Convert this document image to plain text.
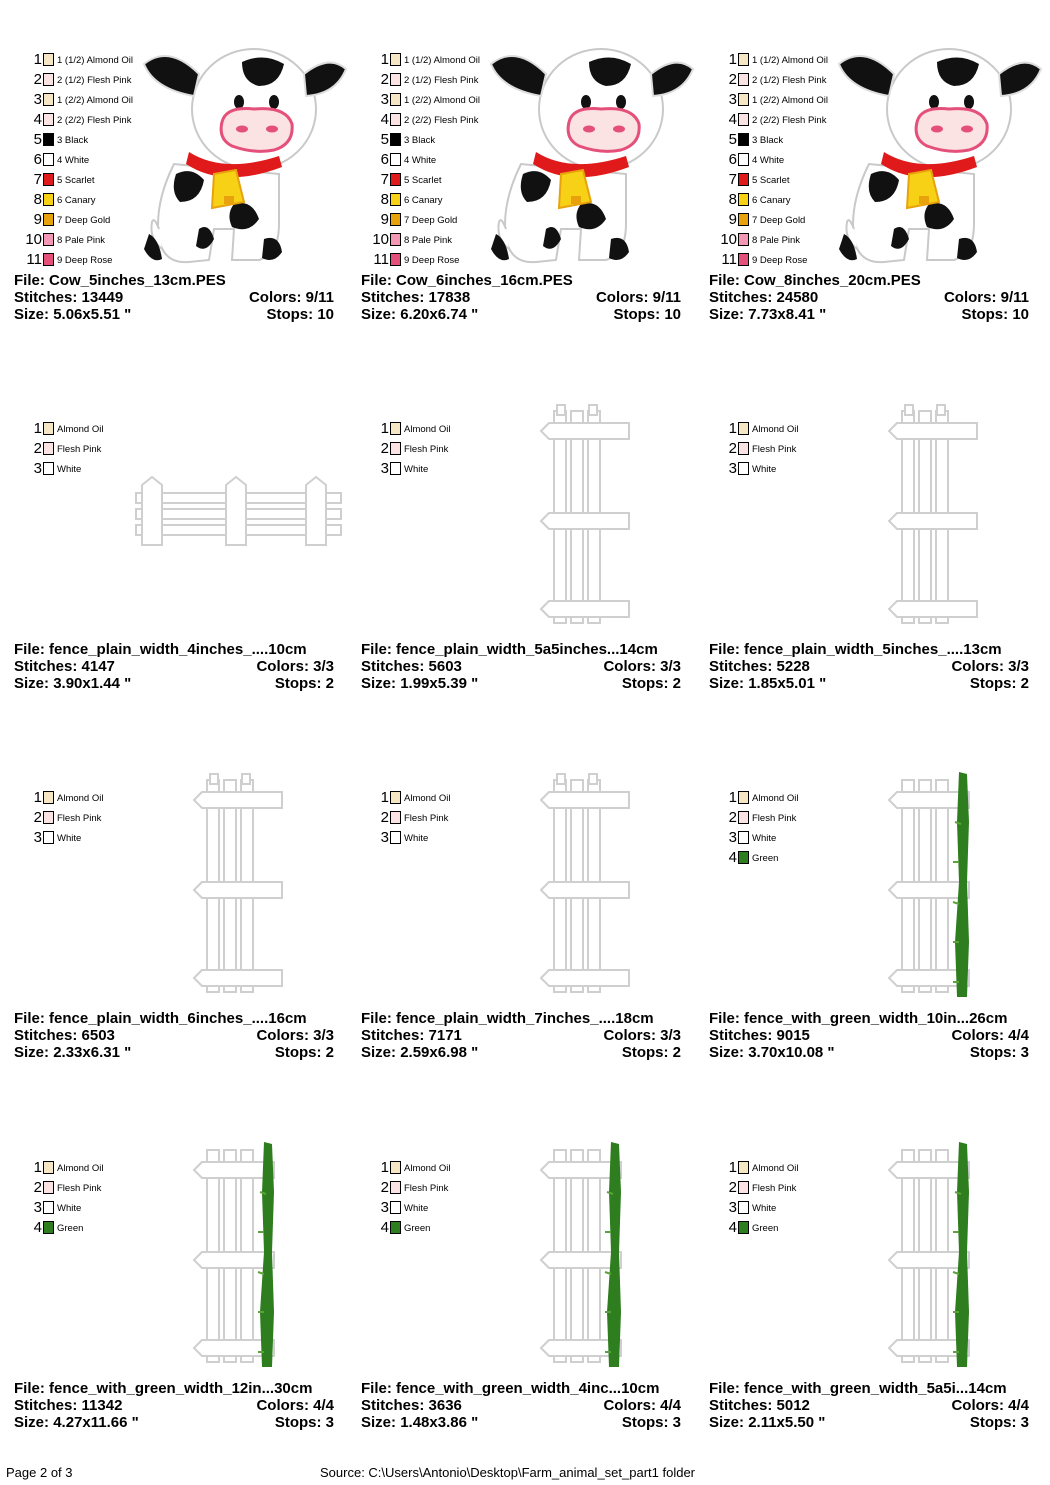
1 1 (1/2) Almond Oil
2 2 (1/2) Flesh Pink
3 1 (2/2) Almond Oil
4 2 (2/2) Flesh Pink
5 3 Black
6 4 White
7 5 Scarlet
8 6 Canary
9 7 Deep Gold
10 8 Pale Pink
11 9 Deep Rose
File: Cow_5inches_13cm.PES
Stitches: 13449	Colors: 9/11
Size: 5.06x5.51 "	Stops: 10
1 1 (1/2) Almond Oil
2 2 (1/2) Flesh Pink
3 1 (2/2) Almond Oil
4 2 (2/2) Flesh Pink
5 3 Black
6 4 White
7 5 Scarlet
8 6 Canary
9 7 Deep Gold
10 8 Pale Pink
11 9 Deep Rose
File: Cow_6inches_16cm.PES
Stitches: 17838	Colors: 9/11
Size: 6.20x6.74 "	Stops: 10
1 1 (1/2) Almond Oil
2 2 (1/2) Flesh Pink
3 1 (2/2) Almond Oil
4 2 (2/2) Flesh Pink
5 3 Black
6 4 White
7 5 Scarlet
8 6 Canary
9 7 Deep Gold
10 8 Pale Pink
11 9 Deep Rose
File: Cow_8inches_20cm.PES
Stitches: 24580	Colors: 9/11
Size: 7.73x8.41 "	Stops: 10
1 Almond Oil
2 Flesh Pink
3 White
File: fence_plain_width_4inches_....10cm
Stitches: 4147	Colors: 3/3
Size: 3.90x1.44 "	Stops: 2
1 Almond Oil
2 Flesh Pink
3 White
File: fence_plain_width_5a5inches...14cm
Stitches: 5603	Colors: 3/3
Size: 1.99x5.39 "	Stops: 2
1 Almond Oil
2 Flesh Pink
3 White
File: fence_plain_width_5inches_....13cm
Stitches: 5228	Colors: 3/3
Size: 1.85x5.01 "	Stops: 2
1 Almond Oil
2 Flesh Pink
3 White
File: fence_plain_width_6inches_....16cm
Stitches: 6503	Colors: 3/3
Size: 2.33x6.31 "	Stops: 2
1 Almond Oil
2 Flesh Pink
3 White
File: fence_plain_width_7inches_....18cm
Stitches: 7171	Colors: 3/3
Size: 2.59x6.98 "	Stops: 2
1 Almond Oil
2 Flesh Pink
3 White
4 Green
File: fence_with_green_width_10in...26cm
Stitches: 9015	Colors: 4/4
Size: 3.70x10.08 "	Stops: 3
1 Almond Oil
2 Flesh Pink
3 White
4 Green
File: fence_with_green_width_12in...30cm
Stitches: 11342	Colors: 4/4
Size: 4.27x11.66 "	Stops: 3
1 Almond Oil
2 Flesh Pink
3 White
4 Green
File: fence_with_green_width_4inc...10cm
Stitches: 3636	Colors: 4/4
Size: 1.48x3.86 "	Stops: 3
1 Almond Oil
2 Flesh Pink
3 White
4 Green
File: fence_with_green_width_5a5i...14cm
Stitches: 5012	Colors: 4/4
Size: 2.11x5.50 "	Stops: 3
Page 2 of 3	Source: C:\Users\Antonio\Desktop\Farm_animal_set_part1 folder
